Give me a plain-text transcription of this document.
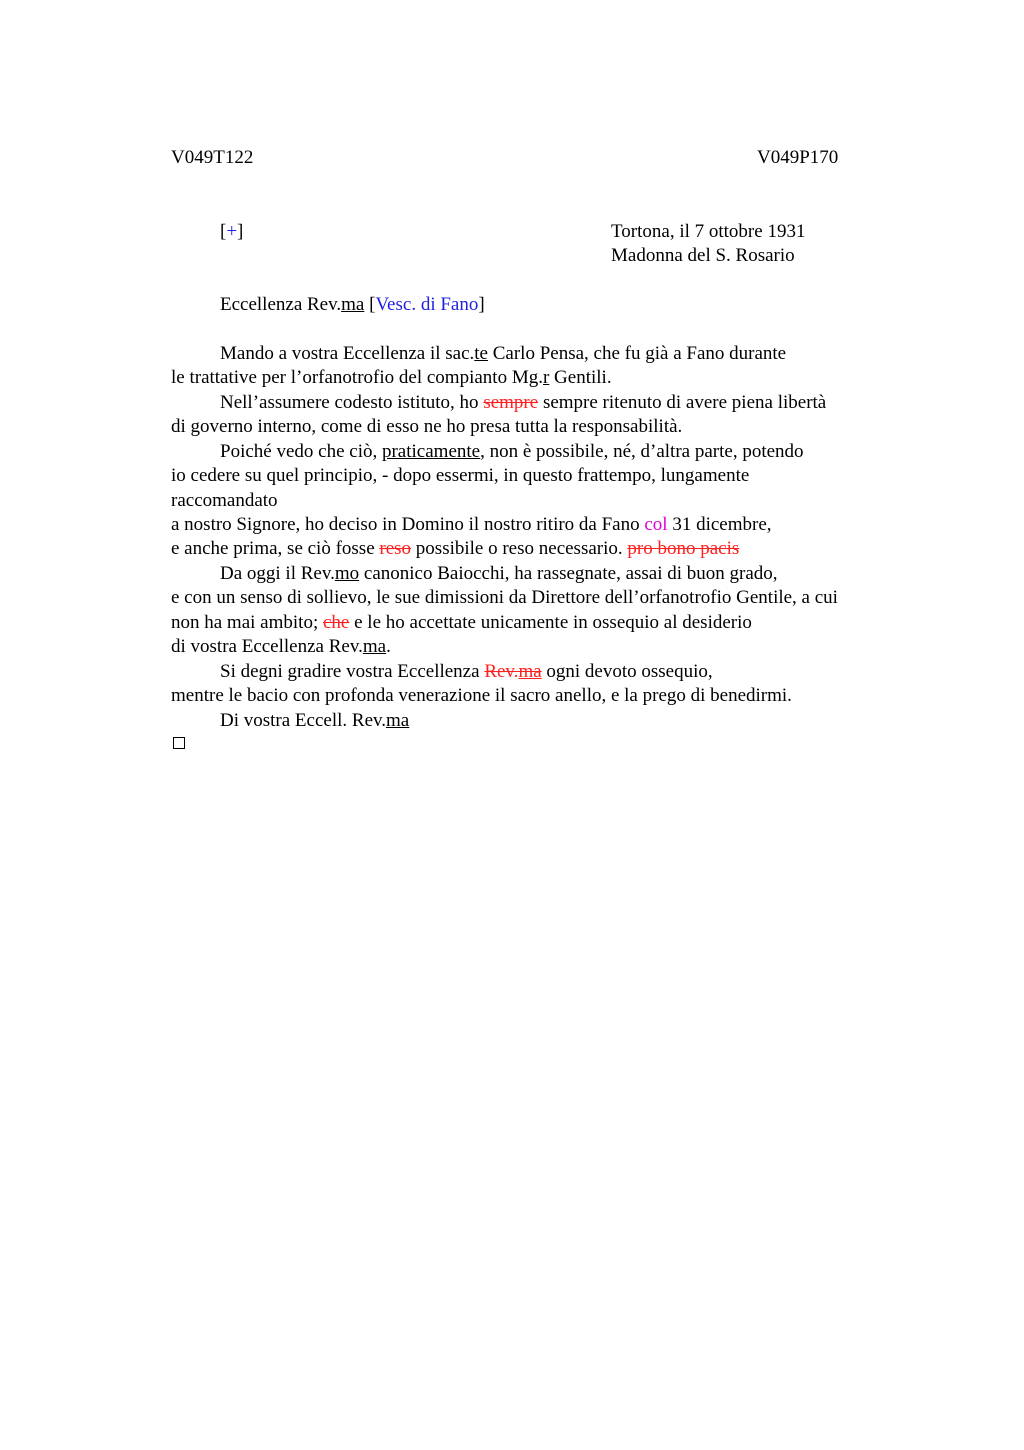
V049T122	V049P170
[+]	Tortona, il 7 ottobre 1931
Madonna del S. Rosario
Eccellenza Rev.ma [Vesc. di Fano]
Mando a vostra Eccellenza il sac.te Carlo Pensa, che fu già a Fano durante
le trattative per l’orfanotrofio del compianto Mg.r Gentili.
Nell’assumere codesto istituto, ho sempre sempre ritenuto di avere piena libertà
di governo interno, come di esso ne ho presa tutta la responsabilità.
Poiché vedo che ciò, praticamente, non è possibile, né, d’altra parte, potendo
io cedere su quel principio, - dopo essermi, in questo frattempo, lungamente
raccomandato
a nostro Signore, ho deciso in Domino il nostro ritiro da Fano col 31 dicembre,
e anche prima, se ciò fosse reso possibile o reso necessario. pro bono pacis
Da oggi il Rev.mo canonico Baiocchi, ha rassegnate, assai di buon grado,
e con un senso di sollievo, le sue dimissioni da Direttore dell’orfanotrofio Gentile, a cui
non ha mai ambito; che e le ho accettate unicamente in ossequio al desiderio
di vostra Eccellenza Rev.ma.
Si degni gradire vostra Eccellenza Rev.ma ogni devoto ossequio,
mentre le bacio con profonda venerazione il sacro anello, e la prego di benedirmi.
Di vostra Eccell. Rev.ma
